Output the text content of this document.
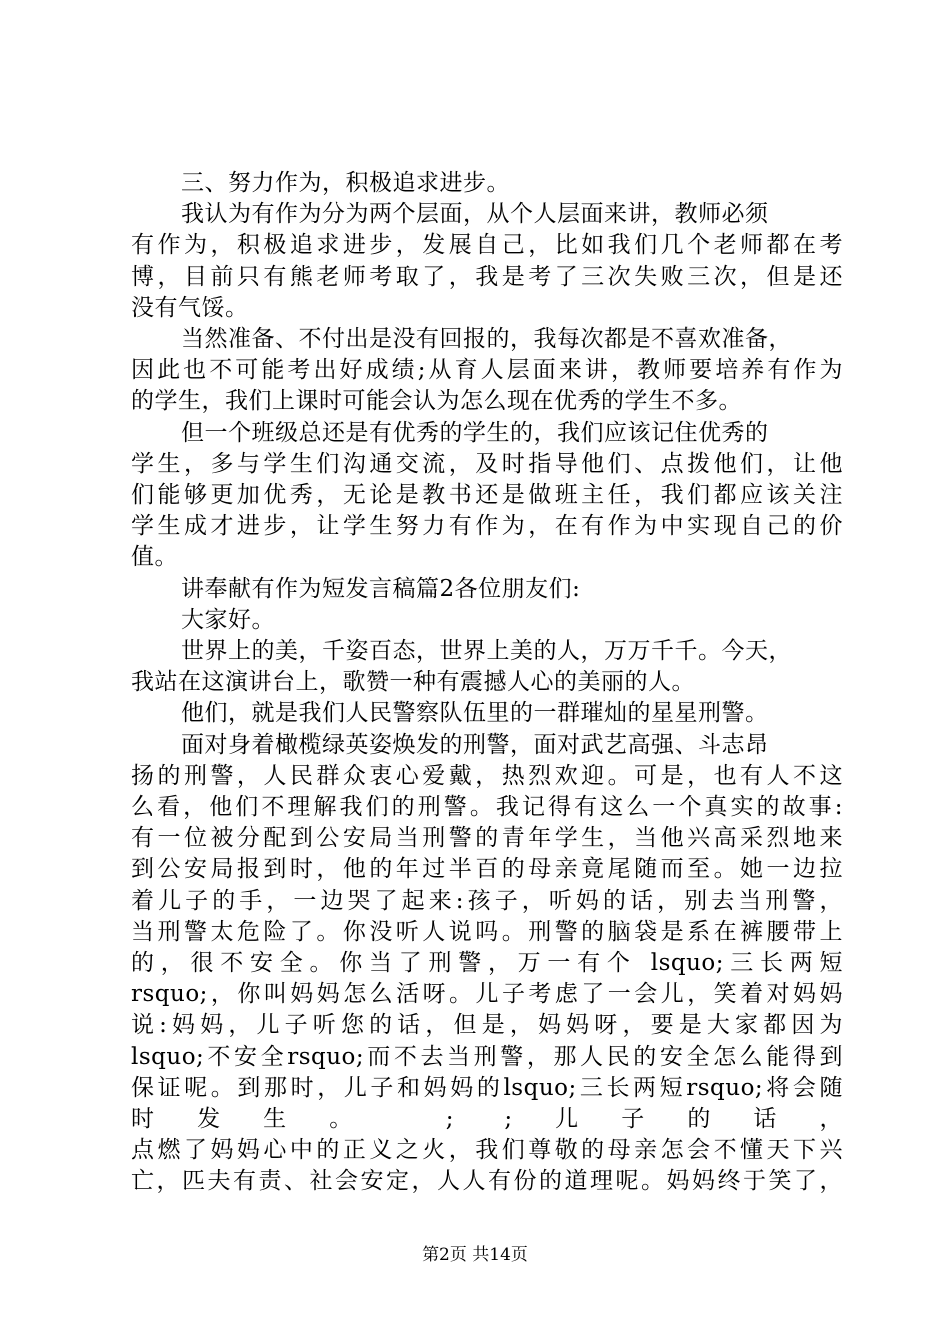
三、努力作为，积极追求进步。
我认为有作为分为两个层面，从个人层面来讲，教师必须
有作为，积极追求进步，发展自己，比如我们几个老师都在考
博，目前只有熊老师考取了，我是考了三次失败三次，但是还
没有气馁。
当然准备、不付出是没有回报的，我每次都是不喜欢准备，
因此也不可能考出好成绩;从育人层面来讲，教师要培养有作为
的学生，我们上课时可能会认为怎么现在优秀的学生不多。
但一个班级总还是有优秀的学生的，我们应该记住优秀的
学生，多与学生们沟通交流，及时指导他们、点拨他们，让他
们能够更加优秀，无论是教书还是做班主任，我们都应该关注
学生成才进步，让学生努力有作为，在有作为中实现自己的价
值。
讲奉献有作为短发言稿篇2各位朋友们:
大家好。
世界上的美，千姿百态，世界上美的人，万万千千。今天，
我站在这演讲台上，歌赞一种有震撼人心的美丽的人。
他们，就是我们人民警察队伍里的一群璀灿的星星刑警。
面对身着橄榄绿英姿焕发的刑警，面对武艺高强、斗志昂
扬的刑警，人民群众衷心爱戴，热烈欢迎。可是，也有人不这
么看，他们不理解我们的刑警。我记得有这么一个真实的故事:
有一位被分配到公安局当刑警的青年学生，当他兴高采烈地来
到公安局报到时，他的年过半百的母亲竟尾随而至。她一边拉
着儿子的手，一边哭了起来:孩子，听妈的话，别去当刑警，
当刑警太危险了。你没听人说吗。刑警的脑袋是系在裤腰带上
的，很不安全。你当了刑警，万一有个 lsquo;三长两短
rsquo;，你叫妈妈怎么活呀。儿子考虑了一会儿，笑着对妈妈
说:妈妈，儿子听您的话，但是，妈妈呀，要是大家都因为
lsquo;不安全rsquo;而不去当刑警，那人民的安全怎么能得到
保证呢。到那时，儿子和妈妈的lsquo;三长两短rsquo;将会随
时发生。 ; ;儿子的话，
点燃了妈妈心中的正义之火，我们尊敬的母亲怎会不懂天下兴
亡，匹夫有责、社会安定，人人有份的道理呢。妈妈终于笑了，
第2页 共14页
